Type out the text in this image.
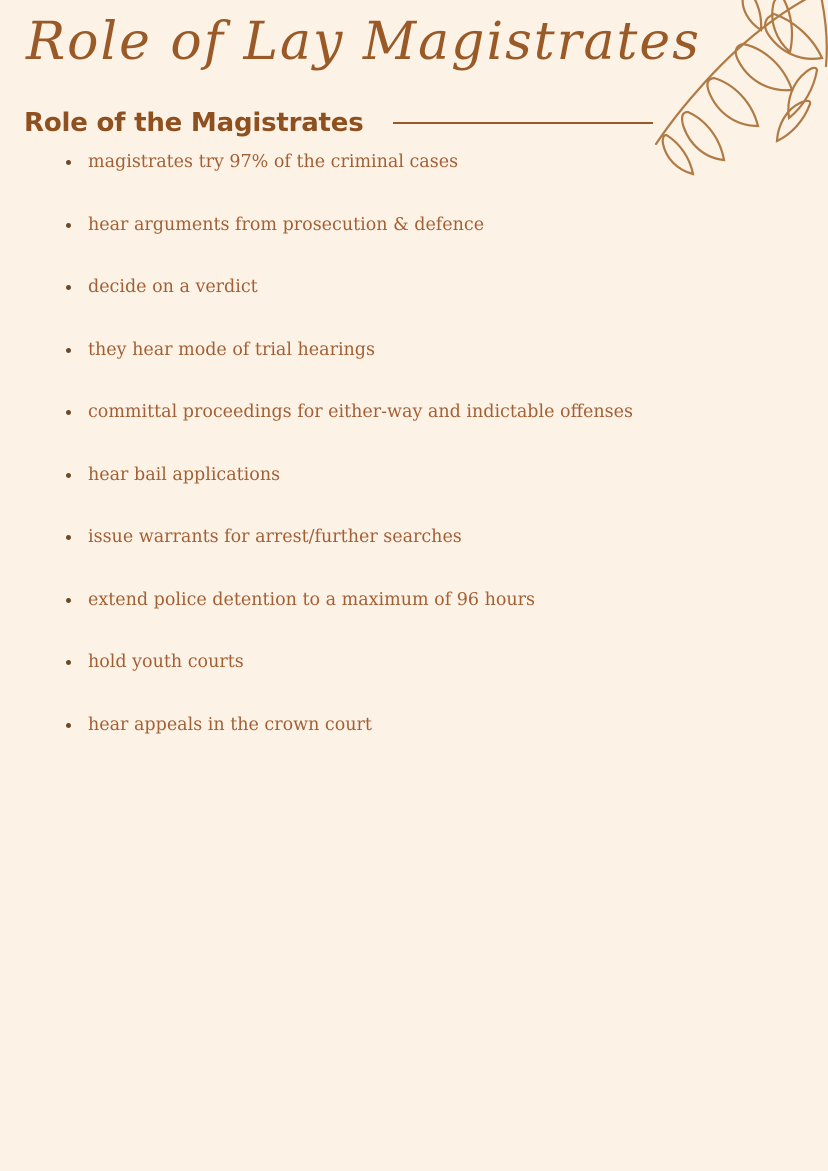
Role of Lay Magistrates
Role of the Magistrates
magistrates try 97% of the criminal cases
hear arguments from prosecution & defence
decide on a verdict
they hear mode of trial hearings
committal proceedings for either-way and indictable offenses
hear bail applications
issue warrants for arrest/further searches
extend police detention to a maximum of 96 hours
hold youth courts
hear appeals in the crown court
